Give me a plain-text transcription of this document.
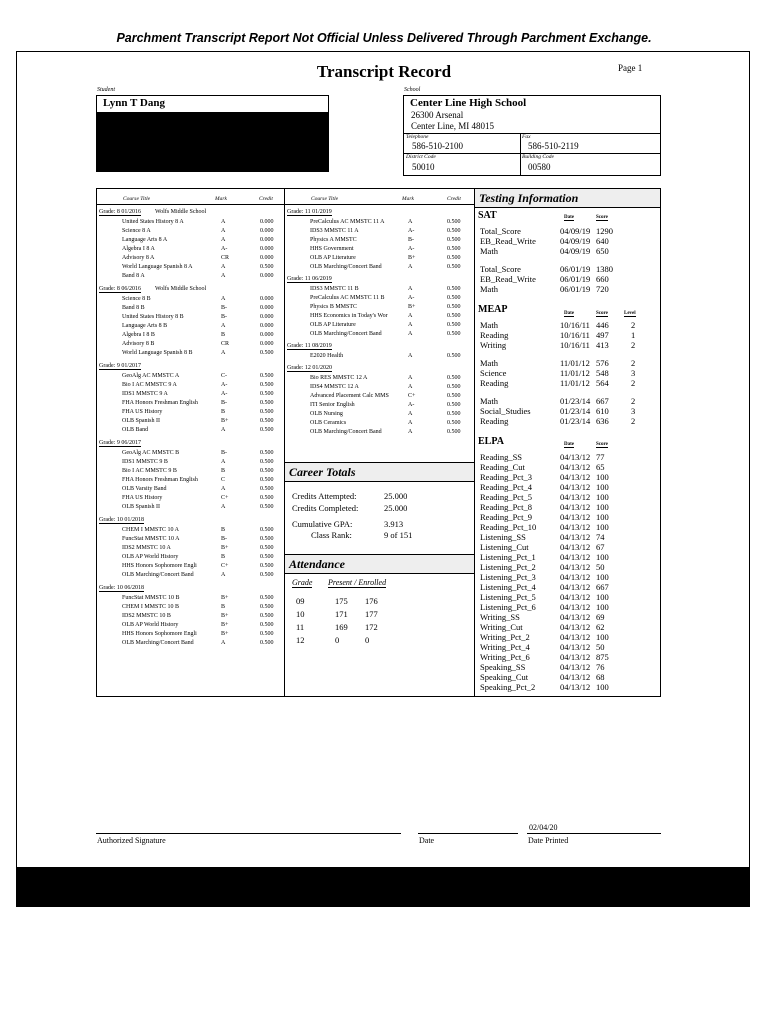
Parchment Transcript Report Not Official Unless Delivered Through Parchment Exchange.
Transcript Record	Page 1
Student
Lynn T Dang
School
Center Line High School
26300 Arsenal
Center Line, MI 48015
Telephone
586-510-2100
Fax
586-510-2119
District Code
50010
Building Code
00580
Course Title	Mark	Credit	Course Title	Mark	Credit
Grade: 8 01/2016 Wolfs Middle School
United States History 8 A	A	0.000
Science 8 A	A	0.000
Language Arts 8 A	A	0.000
Algebra I 8 A	A-	0.000
Advisory 8 A	CR	0.000
World Language Spanish 8 A	A	0.500
Band 8 A	A	0.000
Grade: 8 06/2016 Wolfs Middle School
Science 8 B	A	0.000
Band 8 B	B-	0.000
United States History 8 B	B-	0.000
Language Arts 8 B	A	0.000
Algebra I 8 B	B	0.000
Advisory 8 B	CR	0.000
World Language Spanish 8 B	A	0.500
Grade: 9 01/2017
GeoAlg AC MMSTC A	C-	0.500
Bio I AC MMSTC 9 A	A-	0.500
IDS1 MMSTC 9 A	A-	0.500
FHA Honors Freshman English	B-	0.500
FHA US History	B	0.500
OLB Spanish II	B+	0.500
OLB Band	A	0.500
Grade: 9 06/2017
GeoAlg AC MMSTC B	B-	0.500
IDS1 MMSTC 9 B	A	0.500
Bio I AC MMSTC 9 B	B	0.500
FHA Honors Freshman English	C	0.500
OLB Varsity Band	A	0.500
FHA US History	C+	0.500
OLB Spanish II	A	0.500
Grade: 10 01/2018
CHEM I MMSTC 10 A	B	0.500
FuncStat MMSTC 10 A	B-	0.500
IDS2 MMSTC 10 A	B+	0.500
OLB AP World History	B	0.500
HHS Honors Sophomore Engli	C+	0.500
OLB Marching/Concert Band	A	0.500
Grade: 10 06/2018
FuncStat MMSTC 10 B	B+	0.500
CHEM I MMSTC 10 B	B	0.500
IDS2 MMSTC 10 B	B+	0.500
OLB AP World History	B+	0.500
HHS Honors Sophomore Engli	B+	0.500
OLB Marching/Concert Band	A	0.500
Grade: 11 01/2019
PreCalculus AC MMSTC 11 A	A	0.500
IDS3 MMSTC 11 A	A-	0.500
Physics A MMSTC	B-	0.500
HHS Government	A-	0.500
OLB AP Literature	B+	0.500
OLB Marching/Concert Band	A	0.500
Grade: 11 06/2019
IDS3 MMSTC 11 B	A	0.500
PreCalculus AC MMSTC 11 B	A-	0.500
Physics B MMSTC	B+	0.500
HHS Economics in Today's Wor	A	0.500
OLB AP Literature	A	0.500
OLB Marching/Concert Band	A	0.500
Grade: 11 08/2019
E2020 Health	A	0.500
Grade: 12 01/2020
Bio RES MMSTC 12 A	A	0.500
IDS4 MMSTC 12 A	A	0.500
Advanced Placement Calc MMS	C+	0.500
ITI Senior English	A-	0.500
OLB Nursing	A	0.500
OLB Ceramics	A	0.500
OLB Marching/Concert Band	A	0.500
Career Totals
Credits Attempted:	25.000
Credits Completed:	25.000
Cumulative GPA:	3.913
Class Rank:	9 of 151
Attendance
Grade Present / Enrolled
09	175 176
10	171 177
11	169 172
12	0	0
Testing Information
SAT	Date	Score
Total_Score	04/09/19 1290
EB_Read_Write	04/09/19 640
Math	04/09/19 650
Total_Score	06/01/19 1380
EB_Read_Write	06/01/19 660
Math	06/01/19 720
MEAP	Date	Score	Level
Math	10/16/11 446	2
Reading	10/16/11 497	1
Writing	10/16/11 413	2
Math	11/01/12 576	2
Science	11/01/12 548	3
Reading	11/01/12 564	2
Math	01/23/14 667	2
Social_Studies	01/23/14 610	3
Reading	01/23/14 636	2
ELPA	Date	Score
Reading_SS	04/13/12 77
Reading_Cut	04/13/12 65
Reading_Pct_3	04/13/12 100
Reading_Pct_4	04/13/12 100
Reading_Pct_5	04/13/12 100
Reading_Pct_8	04/13/12 100
Reading_Pct_9	04/13/12 100
Reading_Pct_10	04/13/12 100
Listening_SS	04/13/12 74
Listening_Cut	04/13/12 67
Listening_Pct_1	04/13/12 100
Listening_Pct_2	04/13/12 50
Listening_Pct_3	04/13/12 100
Listening_Pct_4	04/13/12 667
Listening_Pct_5	04/13/12 100
Listening_Pct_6	04/13/12 100
Writing_SS	04/13/12 69
Writing_Cut	04/13/12 62
Writing_Pct_2	04/13/12 100
Writing_Pct_4	04/13/12 50
Writing_Pct_6	04/13/12 875
Speaking_SS	04/13/12 76
Speaking_Cut	04/13/12 68
Speaking_Pct_2	04/13/12 100
02/04/20
Authorized Signature	Date	Date Printed
